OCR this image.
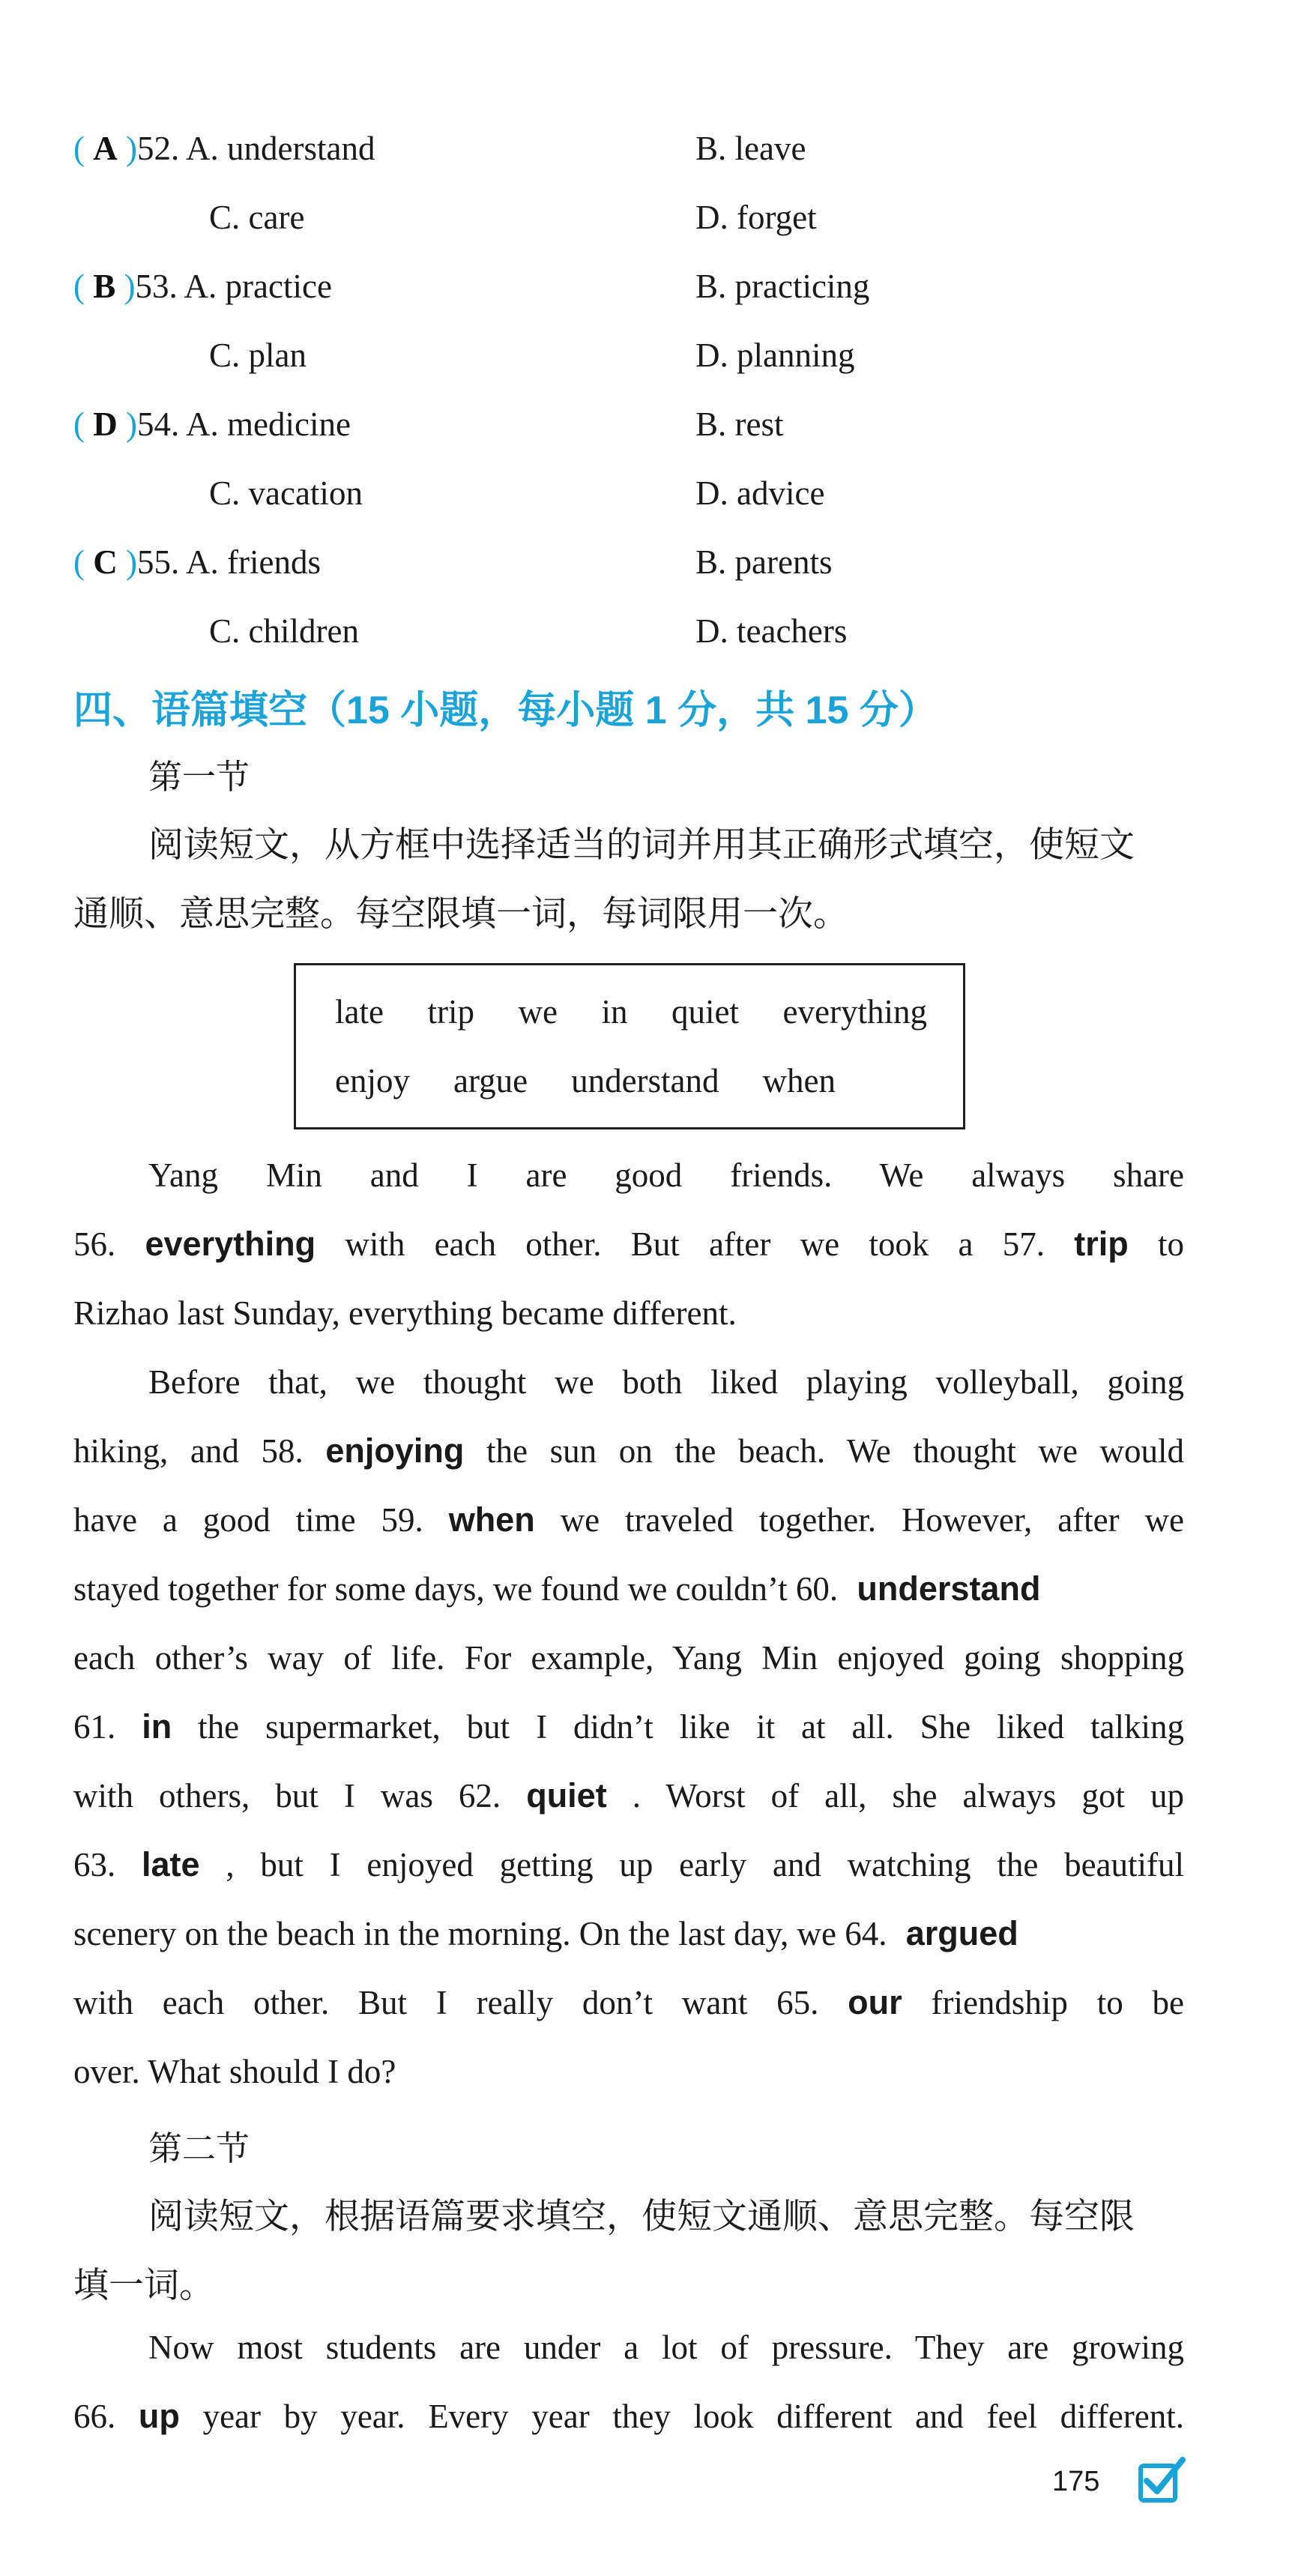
( A )52. A. understand	B. leave
C. care	D. forget
( B )53. A. practice	B. practicing
C. plan	D. planning
( D )54. A. medicine	B. rest
C. vacation	D. advice
( C )55. A. friends	B. parents
C. children	D. teachers
四、语篇填空（15 小题，每小题 1 分，共 15 分）
第一节
阅读短文，从方框中选择适当的词并用其正确形式填空，使短文
通顺、意思完整。每空限填一词，每词限用一次。
late trip we in quiet everything
enjoy argue understand when
Yang Min and I are good friends. We always share
56. everything with each other. But after we took a 57. trip to
Rizhao last Sunday, everything became different.
Before that, we thought we both liked playing volleyball, going
hiking, and 58. enjoying the sun on the beach. We thought we would
have a good time 59. when we traveled together. However, after we
stayed together for some days, we found we couldn’t 60. understand
each other’s way of life. For example, Yang Min enjoyed going shopping
61. in the supermarket, but I didn’t like it at all. She liked talking
with others, but I was 62. quiet . Worst of all, she always got up
63. late , but I enjoyed getting up early and watching the beautiful
scenery on the beach in the morning. On the last day, we 64. argued
with each other. But I really don’t want 65. our friendship to be
over. What should I do?
第二节
阅读短文，根据语篇要求填空，使短文通顺、意思完整。每空限
填一词。
Now most students are under a lot of pressure. They are growing
66. up year by year. Every year they look different and feel different.
175
